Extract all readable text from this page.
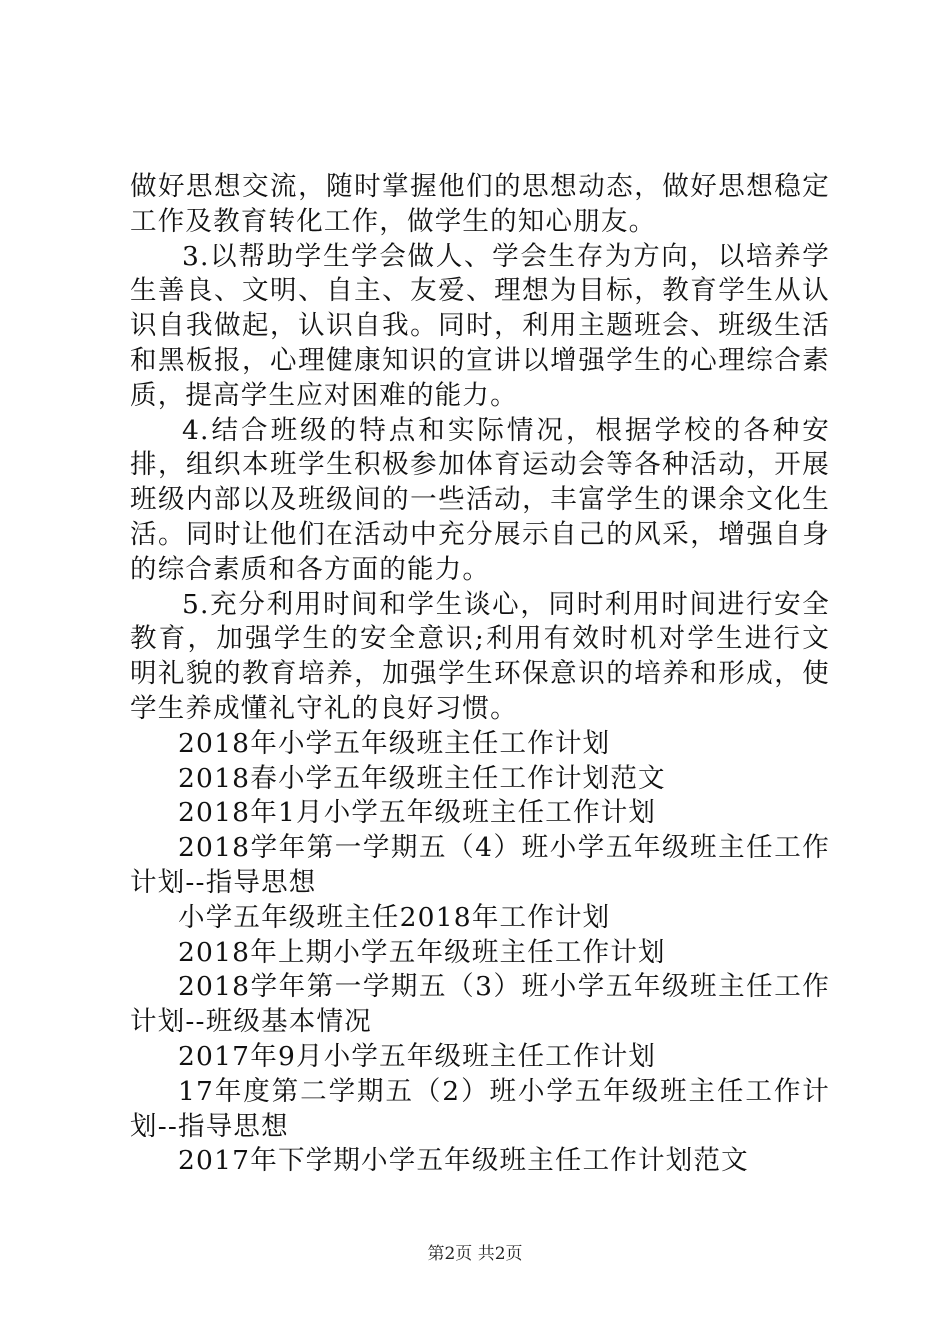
做好思想交流，随时掌握他们的思想动态，做好思想稳定工作及教育转化工作，做学生的知心朋友。

3.以帮助学生学会做人、学会生存为方向，以培养学生善良、文明、自主、友爱、理想为目标，教育学生从认识自我做起，认识自我。同时，利用主题班会、班级生活和黑板报，心理健康知识的宣讲以增强学生的心理综合素质，提高学生应对困难的能力。

4.结合班级的特点和实际情况，根据学校的各种安排，组织本班学生积极参加体育运动会等各种活动，开展班级内部以及班级间的一些活动，丰富学生的课余文化生活。同时让他们在活动中充分展示自己的风采，增强自身的综合素质和各方面的能力。

5.充分利用时间和学生谈心，同时利用时间进行安全教育，加强学生的安全意识;利用有效时机对学生进行文明礼貌的教育培养，加强学生环保意识的培养和形成，使学生养成懂礼守礼的良好习惯。

2018年小学五年级班主任工作计划
2018春小学五年级班主任工作计划范文
2018年1月小学五年级班主任工作计划
2018学年第一学期五（4）班小学五年级班主任工作计划--指导思想
小学五年级班主任2018年工作计划
2018年上期小学五年级班主任工作计划
2018学年第一学期五（3）班小学五年级班主任工作计划--班级基本情况
2017年9月小学五年级班主任工作计划
17年度第二学期五（2）班小学五年级班主任工作计划--指导思想
2017年下学期小学五年级班主任工作计划范文
第2页 共2页
